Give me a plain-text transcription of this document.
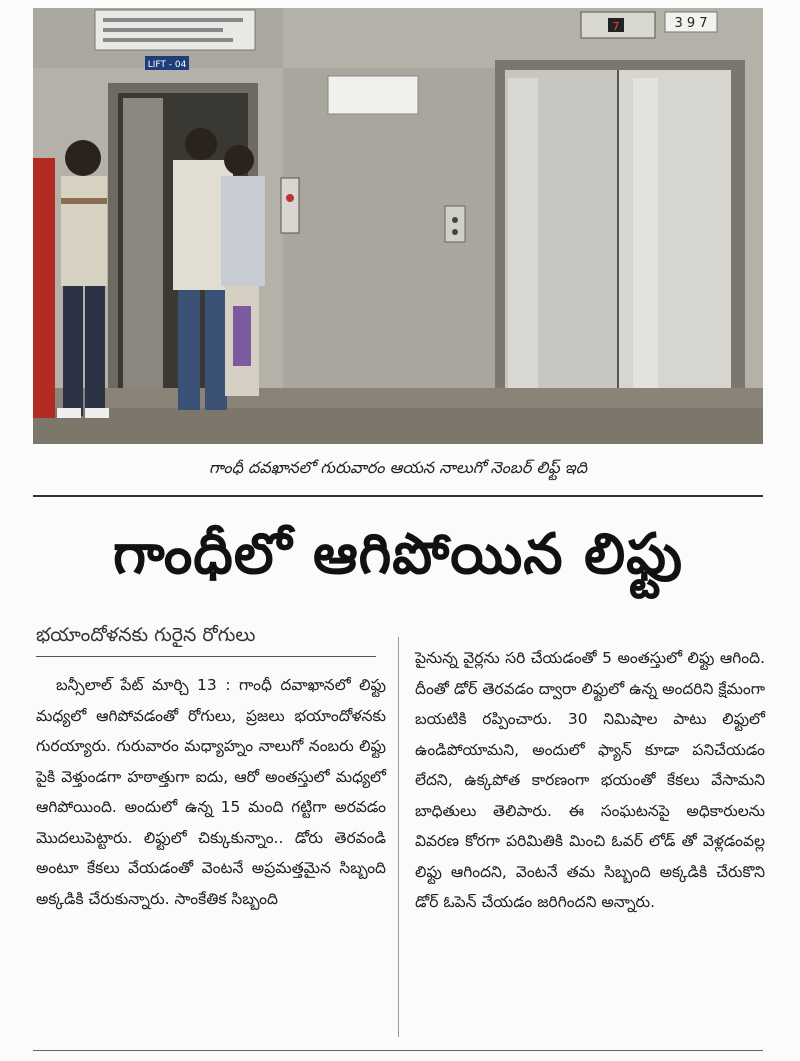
LIFT - 04
7	3 9 7
గాంధీ దవఖానలో గురువారం ఆయన నాలుగో నెంబర్ లిఫ్ట్ ఇది
గాంధీలో ఆగిపోయిన లిఫ్టు
భయాందోళనకు గురైన రోగులు
బన్సీలాల్ పేట్ మార్చి 13 : గాంధీ దవాఖానలో లిఫ్టు మధ్యలో ఆగిపోవడంతో రోగులు, ప్రజలు భయాందోళనకు గురయ్యారు. గురువారం మధ్యాహ్నం నాలుగో నంబరు లిఫ్టు పైకి వెళ్తుండగా హఠాత్తుగా ఐదు, ఆరో అంతస్తులో మధ్యలో ఆగిపోయింది. అందులో ఉన్న 15 మంది గట్టిగా అరవడం మొదలుపెట్టారు. లిఫ్టులో చిక్కుకున్నాం.. డోరు తెరవండి అంటూ కేకలు వేయడంతో వెంటనే అప్రమత్తమైన సిబ్బంది అక్కడికి చేరుకున్నారు. సాంకేతిక సిబ్బంది
పైనున్న వైర్లను సరి చేయడంతో 5 అంతస్తులో లిఫ్టు ఆగింది. దీంతో డోర్ తెరవడం ద్వారా లిఫ్టులో ఉన్న అందరిని క్షేమంగా బయటికి రప్పించారు. 30 నిమిషాల పాటు లిఫ్టులో ఉండిపోయామని, అందులో ఫ్యాన్ కూడా పనిచేయడం లేదని, ఉక్కపోత కారణంగా భయంతో కేకలు వేసామని బాధితులు తెలిపారు. ఈ సంఘటనపై అధికారులను వివరణ కోరగా పరిమితికి మించి ఓవర్ లోడ్ తో వెళ్లడంవల్ల లిఫ్టు ఆగిందని, వెంటనే తమ సిబ్బంది అక్కడికి చేరుకొని డోర్ ఓపెన్ చేయడం జరిగిందని అన్నారు.
